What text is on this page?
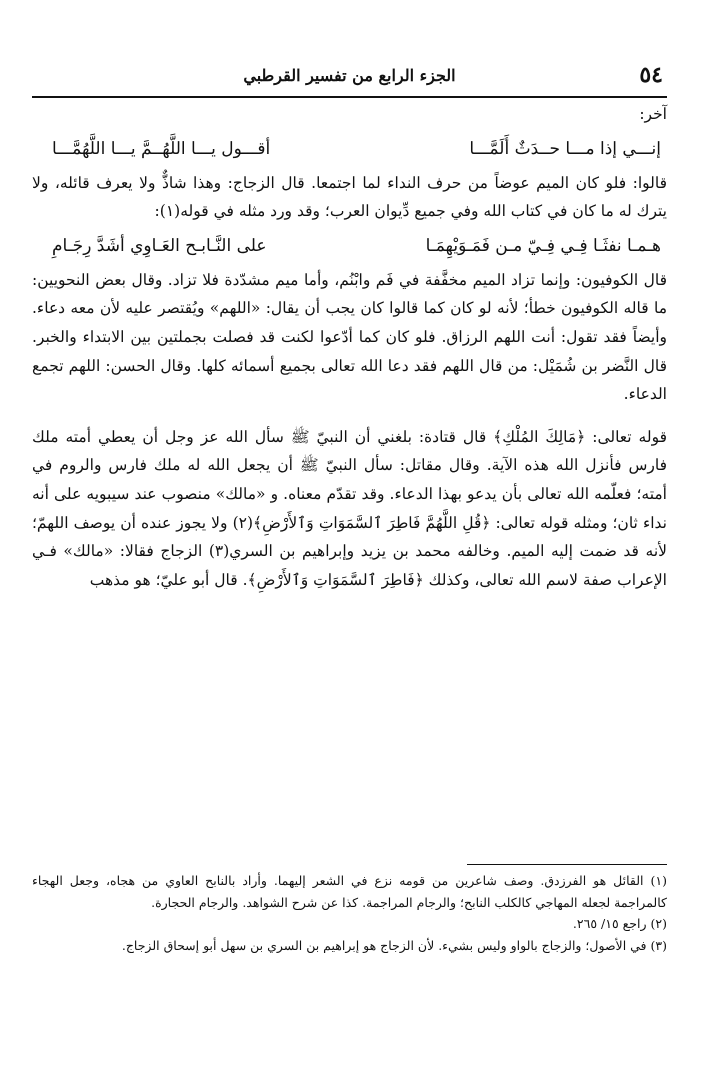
٥٤
الجزء الرابع من تفسير القرطبي
آخر:
إنـــي إذا مـــا حــدَثٌ أَلَمَّـــا
أقـــول يـــا اللَّهُــمَّ يـــا اللَّهُمَّـــا

قالوا: فلو كان الميم عوضاً من حرف النداء لما اجتمعا. قال الزجاج: وهذا شاذٌّ ولا يعرف قائله، ولا يترك له ما كان في كتاب الله وفي جميع دِّيوان العرب؛ وقد ورد مثله في قوله(١):

هـمـا نفثَـا فِـي فِـيّ مـن فَمَـوَيْهِمَـا
على النَّـابـح العَـاوِي أشَدَّ رِجَـامِ

قال الكوفيون: وإنما تزاد الميم مخفَّفة في فَم وابْنُم، وأما ميم مشدّدة فلا تزاد. وقال بعض النحويين: ما قاله الكوفيون خطأ؛ لأنه لو كان كما قالوا كان يجب أن يقال: «اللهم» ويُقتصر عليه لأن معه دعاء. وأيضاً فقد تقول: أنت اللهم الرزاق. فلو كان كما أدّعوا لكنت قد فصلت بجملتين بين الابتداء والخبر. قال النَّضر بن شُمَيْل: من قال اللهم فقد دعا الله تعالى بجميع أسمائه كلها. وقال الحسن: اللهم تجمع الدعاء.

قوله تعالى: ﴿مَالِكَ المُلْكِ﴾ قال قتادة: بلغني أن النبيّ ﷺ سأل الله عز وجل أن يعطي أمته ملك فارس فأنزل الله هذه الآية. وقال مقاتل: سأل النبيّ ﷺ أن يجعل الله له ملك فارس والروم في أمته؛ فعلّمه الله تعالى بأن يدعو بهذا الدعاء. وقد تقدّم معناه. و «مالك» منصوب عند سيبويه على أنه نداء ثان؛ ومثله قوله تعالى: ﴿قُلِ اللَّهُمَّ فَاطِرَ ٱلسَّمَوَاتِ وَٱلأَرْضِ﴾(٢) ولا يجوز عنده أن يوصف اللهمّ؛ لأنه قد ضمت إليه الميم. وخالفه محمد بن يزيد وإبراهيم بن السري(٣) الزجاج فقالا: «مالك» فـي الإعراب صفة لاسم الله تعالى، وكذلك ﴿فَاطِرَ ٱلسَّمَوَاتِ وَٱلأَرْضِ﴾. قال أبو عليّ؛ هو مذهب

(١) القائل هو الفرزدق. وصف شاعرين من قومه نزع في الشعر إليهما. وأراد بالنابح العاوي من هجاه، وجعل الهجاء كالمراجمة لجعله المهاجي كالكلب النابح؛ والرجام المراجمة. كذا عن شرح الشواهد. والرجام الحجارة.

(٢) راجع ١٥/ ٢٦٥.

(٣) في الأصول؛ والزجاج بالواو وليس بشيء. لأن الزجاج هو إبراهيم بن السري بن سهل أبو إسحاق الزجاج.
